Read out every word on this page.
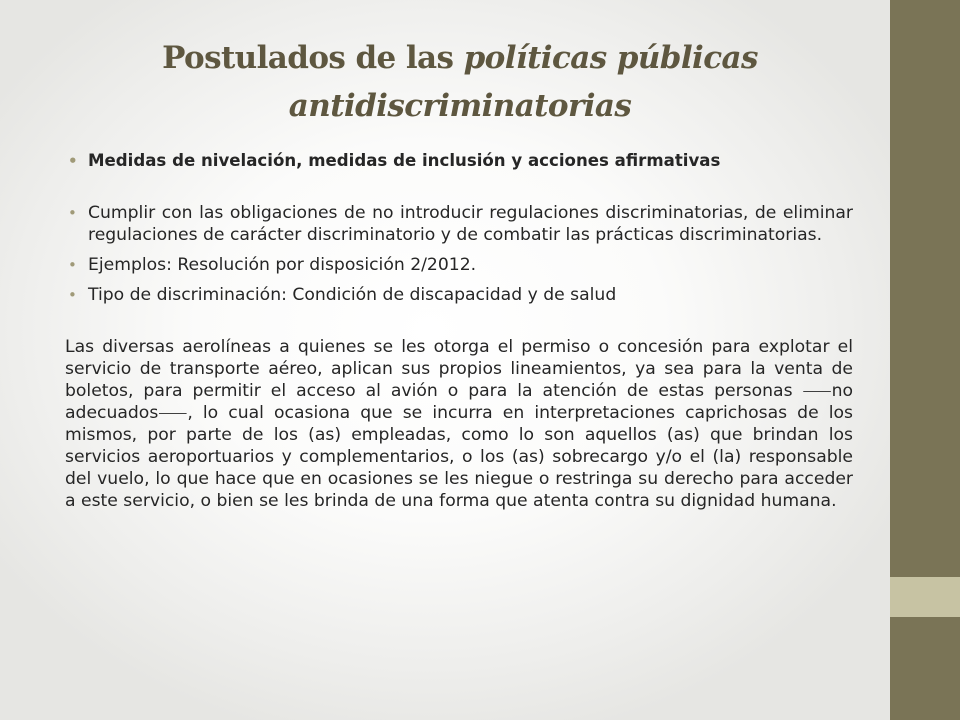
Postulados de las políticas públicas antidiscriminatorias
• Medidas de nivelación, medidas de inclusión y acciones afirmativas
• Cumplir con las obligaciones de no introducir regulaciones discriminatorias, de eliminar regulaciones de carácter discriminatorio y de combatir las prácticas discriminatorias.
• Ejemplos: Resolución por disposición 2/2012.
• Tipo de discriminación: Condición de discapacidad y de salud

Las diversas aerolíneas a quienes se les otorga el permiso o concesión para explotar el servicio de transporte aéreo, aplican sus propios lineamientos, ya sea para la venta de boletos, para permitir el acceso al avión o para la atención de estas personas ⸺no adecuados⸺, lo cual ocasiona que se incurra en interpretaciones caprichosas de los mismos, por parte de los (as) empleadas, como lo son aquellos (as) que brindan los servicios aeroportuarios y complementarios, o los (as) sobrecargo y/o el (la) responsable del vuelo, lo que hace que en ocasiones se les niegue o restringa su derecho para acceder a este servicio, o bien se les brinda de una forma que atenta contra su dignidad humana.
